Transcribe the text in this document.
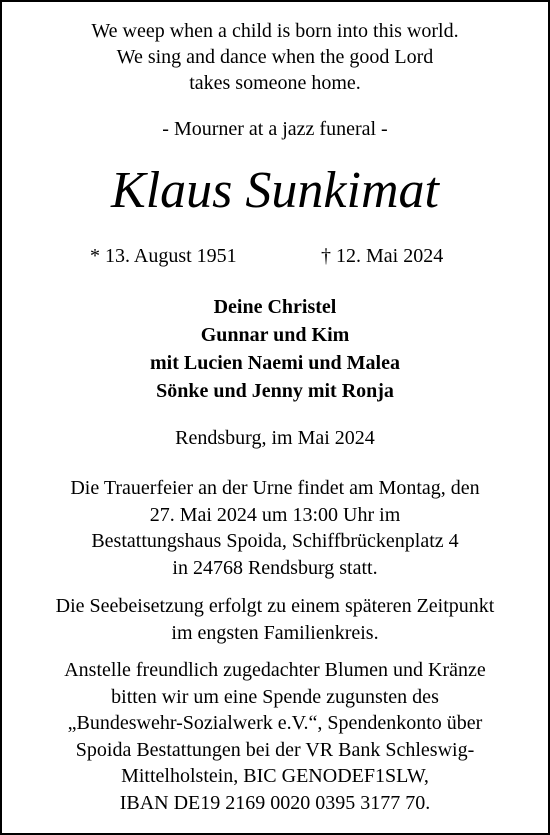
We weep when a child is born into this world.
We sing and dance when the good Lord
takes someone home.
- Mourner at a jazz funeral -
Klaus Sunkimat
* 13. August 1951	† 12. Mai 2024
Deine Christel
Gunnar und Kim
mit Lucien Naemi und Malea
Sönke und Jenny mit Ronja
Rendsburg, im Mai 2024
Die Trauerfeier an der Urne findet am Montag, den
27. Mai 2024 um 13:00 Uhr im
Bestattungshaus Spoida, Schiffbrückenplatz 4
in 24768 Rendsburg statt.
Die Seebeisetzung erfolgt zu einem späteren Zeitpunkt
im engsten Familienkreis.
Anstelle freundlich zugedachter Blumen und Kränze
bitten wir um eine Spende zugunsten des
„Bundeswehr-Sozialwerk e.V.“, Spendenkonto über
Spoida Bestattungen bei der VR Bank Schleswig-
Mittelholstein, BIC GENODEF1SLW,
IBAN DE19 2169 0020 0395 3177 70.
